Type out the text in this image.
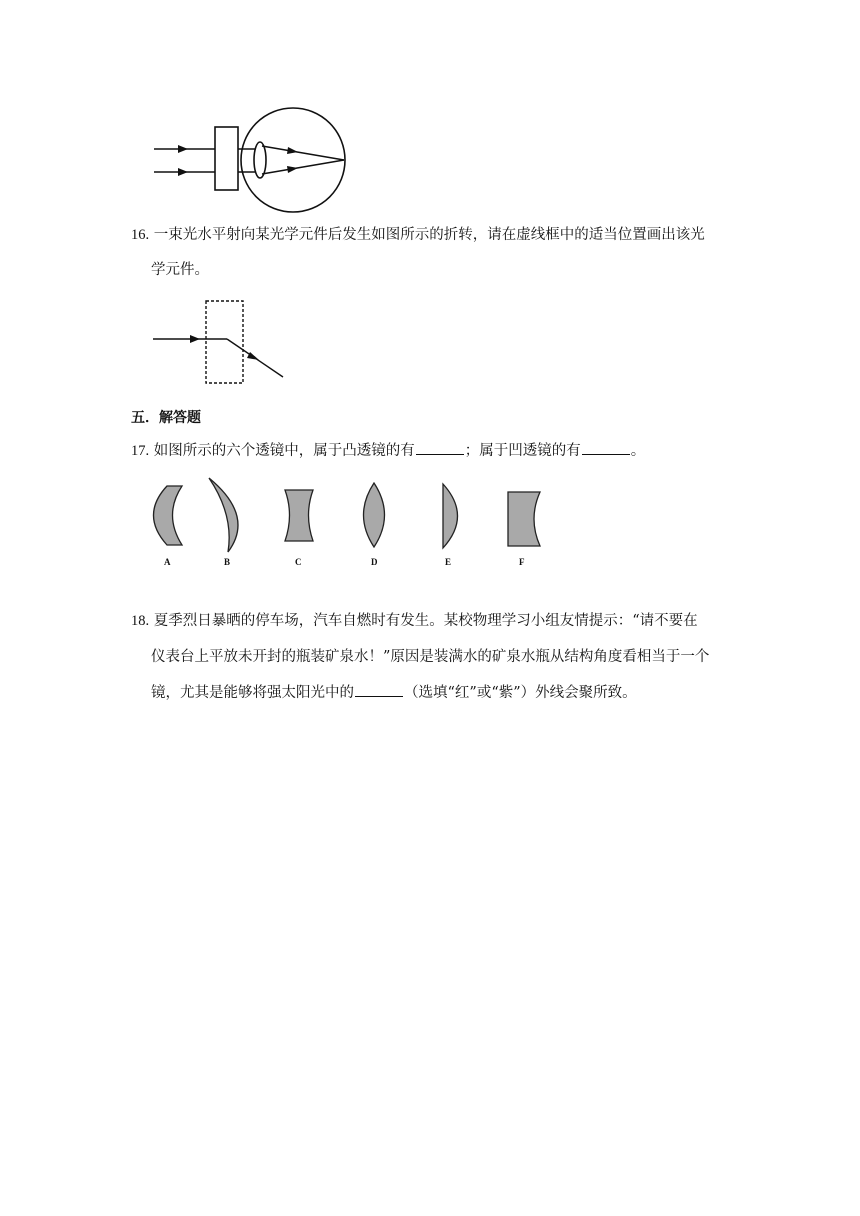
16. 一束光水平射向某光学元件后发生如图所示的折转，请在虚线框中的适当位置画出该光
学元件。
五．解答题
17. 如图所示的六个透镜中，属于凸透镜的有	；属于凹透镜的有	。
A	B	C	D	E	F
18. 夏季烈日暴晒的停车场，汽车自燃时有发生。某校物理学习小组友情提示：“请不要在
仪表台上平放未开封的瓶装矿泉水！”原因是装满水的矿泉水瓶从结构角度看相当于一个
镜，尤其是能够将强太阳光中的	（选填“红”或“紫”）外线会聚所致。
